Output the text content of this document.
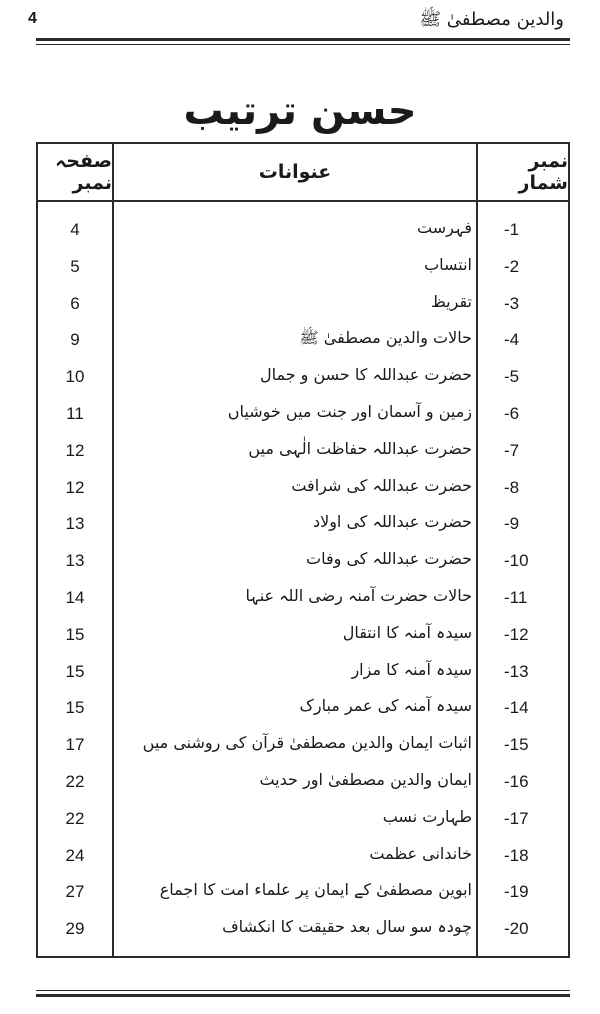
4	والدین مصطفیٰ ﷺ
حسن ترتیب
صفحہ نمبر	عنوانات	نمبر شمار
4	فہرست	-1
5	انتساب	-2
6	تقریظ	-3
9	حالات والدین مصطفیٰ ﷺ	-4
10	حضرت عبداللہ کا حسن و جمال	-5
11	زمین و آسمان اور جنت میں خوشیاں	-6
12	حضرت عبداللہ حفاظت الٰہی میں	-7
12	حضرت عبداللہ کی شرافت	-8
13	حضرت عبداللہ کی اولاد	-9
13	حضرت عبداللہ کی وفات	-10
14	حالات حضرت آمنہ رضی اللہ عنہا	-11
15	سیدہ آمنہ کا انتقال	-12
15	سیدہ آمنہ کا مزار	-13
15	سیدہ آمنہ کی عمر مبارک	-14
17	اثبات ایمان والدین مصطفیٰ قرآن کی روشنی میں	-15
22	ایمان والدین مصطفیٰ اور حدیث	-16
22	طہارت نسب	-17
24	خاندانی عظمت	-18
27	ابوین مصطفیٰ کے ایمان پر علماء امت کا اجماع	-19
29	چودہ سو سال بعد حقیقت کا انکشاف	-20
